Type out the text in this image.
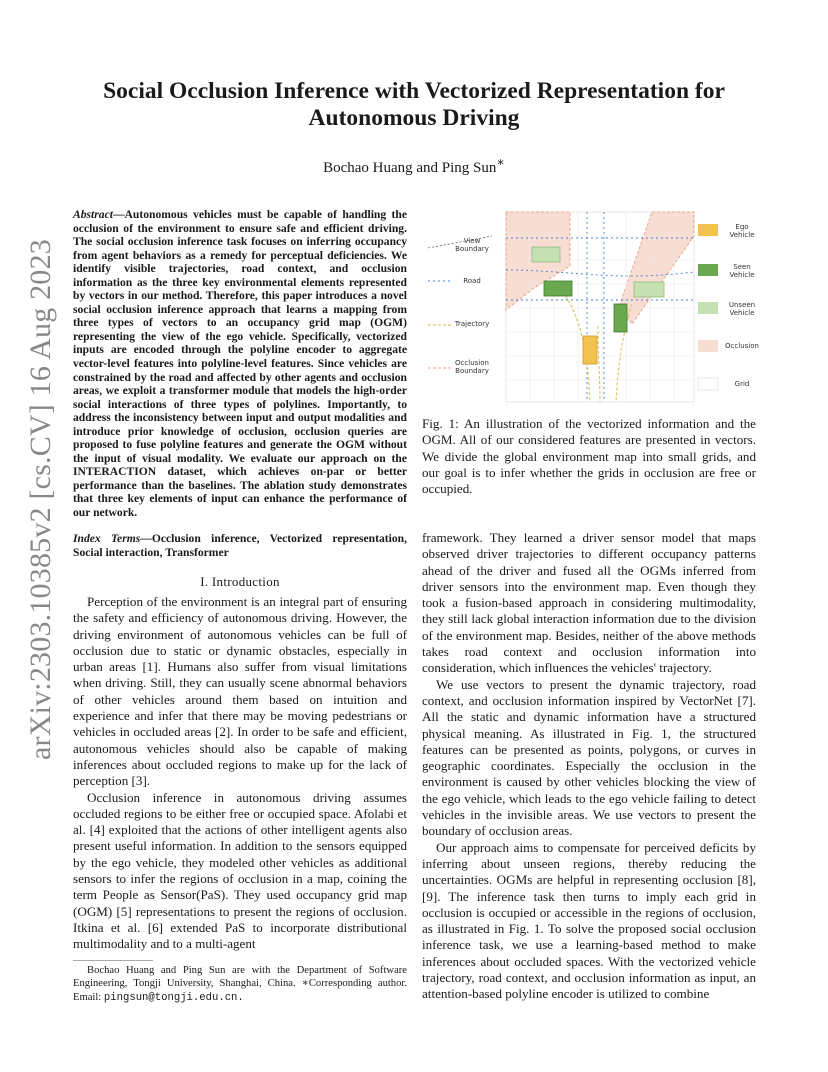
arXiv:2303.10385v2 [cs.CV] 16 Aug 2023
Social Occlusion Inference with Vectorized Representation for Autonomous Driving
Bochao Huang and Ping Sun∗

Abstract—Autonomous vehicles must be capable of handling the occlusion of the environment to ensure safe and efficient driving. The social occlusion inference task focuses on inferring occupancy from agent behaviors as a remedy for perceptual deficiencies. We identify visible trajectories, road context, and occlusion information as the three key environmental elements represented by vectors in our method. Therefore, this paper introduces a novel social occlusion inference approach that learns a mapping from three types of vectors to an occupancy grid map (OGM) representing the view of the ego vehicle. Specifically, vectorized inputs are encoded through the polyline encoder to aggregate vector-level features into polyline-level features. Since vehicles are constrained by the road and affected by other agents and occlusion areas, we exploit a transformer module that models the high-order social interactions of three types of polylines. Importantly, to address the inconsistency between input and output modalities and introduce prior knowledge of occlusion, occlusion queries are proposed to fuse polyline features and generate the OGM without the input of visual modality. We evaluate our approach on the INTERACTION dataset, which achieves on-par or better performance than the baselines. The ablation study demonstrates that three key elements of input can enhance the performance of our network.

Index Terms—Occlusion inference, Vectorized representation, Social interaction, Transformer

I. Introduction

Perception of the environment is an integral part of ensuring the safety and efficiency of autonomous driving. However, the driving environment of autonomous vehicles can be full of occlusion due to static or dynamic obstacles, especially in urban areas [1]. Humans also suffer from visual limitations when driving. Still, they can usually scene abnormal behaviors of other vehicles around them based on intuition and experience and infer that there may be moving pedestrians or vehicles in occluded areas [2]. In order to be safe and efficient, autonomous vehicles should also be capable of making inferences about occluded regions to make up for the lack of perception [3].

Occlusion inference in autonomous driving assumes occluded regions to be either free or occupied space. Afolabi et al. [4] exploited that the actions of other intelligent agents also present useful information. In addition to the sensors equipped by the ego vehicle, they modeled other vehicles as additional sensors to infer the regions of occlusion in a map, coining the term People as Sensor(PaS). They used occupancy grid map (OGM) [5] representations to present the regions of occlusion. Itkina et al. [6] extended PaS to incorporate distributional multimodality and to a multi-agent

Bochao Huang and Ping Sun are with the Department of Software Engineering, Tongji University, Shanghai, China. ∗Corresponding author. Email: pingsun@tongji.edu.cn.

View Boundary
Road
Trajectory
Occlusion Boundary
Ego Vehicle
Seen Vehicle
Unseen Vehicle
Occlusion
Grid
Fig. 1: An illustration of the vectorized information and the OGM. All of our considered features are presented in vectors. We divide the global environment map into small grids, and our goal is to infer whether the grids in occlusion are free or occupied.

framework. They learned a driver sensor model that maps observed driver trajectories to different occupancy patterns ahead of the driver and fused all the OGMs inferred from driver sensors into the environment map. Even though they took a fusion-based approach in considering multimodality, they still lack global interaction information due to the division of the environment map. Besides, neither of the above methods takes road context and occlusion information into consideration, which influences the vehicles' trajectory.

We use vectors to present the dynamic trajectory, road context, and occlusion information inspired by VectorNet [7]. All the static and dynamic information have a structured physical meaning. As illustrated in Fig. 1, the structured features can be presented as points, polygons, or curves in geographic coordinates. Especially the occlusion in the environment is caused by other vehicles blocking the view of the ego vehicle, which leads to the ego vehicle failing to detect vehicles in the invisible areas. We use vectors to present the boundary of occlusion areas.

Our approach aims to compensate for perceived deficits by inferring about unseen regions, thereby reducing the uncertainties. OGMs are helpful in representing occlusion [8], [9]. The inference task then turns to imply each grid in occlusion is occupied or accessible in the regions of occlusion, as illustrated in Fig. 1. To solve the proposed social occlusion inference task, we use a learning-based method to make inferences about occluded spaces. With the vectorized vehicle trajectory, road context, and occlusion information as input, an attention-based polyline encoder is utilized to combine
